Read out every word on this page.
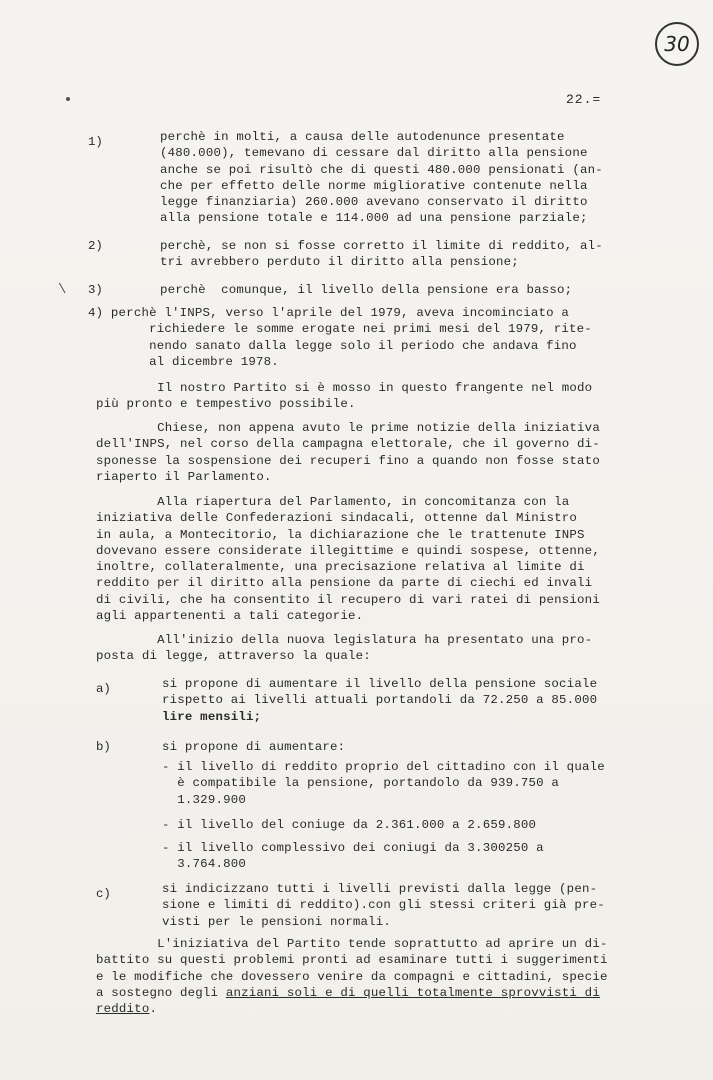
30
22.=
\
1)	perchè in molti, a causa delle autodenunce presentate
(480.000), temevano di cessare dal diritto alla pensione
anche se poi risultò che di questi 480.000 pensionati (an-
che per effetto delle norme migliorative contenute nella
legge finanziaria) 260.000 avevano conservato il diritto
alla pensione totale e 114.000 ad una pensione parziale;
2)	perchè, se non si fosse corretto il limite di reddito, al-
tri avrebbero perduto il diritto alla pensione;
3)	perchè  comunque, il livello della pensione era basso;
4) perchè l'INPS, verso l'aprile del 1979, aveva incominciato a
richiedere le somme erogate nei primi mesi del 1979, rite-
nendo sanato dalla legge solo il periodo che andava fino
al dicembre 1978.
Il nostro Partito si è mosso in questo frangente nel modo
più pronto e tempestivo possibile.
Chiese, non appena avuto le prime notizie della iniziativa
dell'INPS, nel corso della campagna elettorale, che il governo di-
sponesse la sospensione dei recuperi fino a quando non fosse stato
riaperto il Parlamento.
Alla riapertura del Parlamento, in concomitanza con la
iniziativa delle Confederazioni sindacali, ottenne dal Ministro
in aula, a Montecitorio, la dichiarazione che le trattenute INPS
dovevano essere considerate illegittime e quindi sospese, ottenne,
inoltre, collateralmente, una precisazione relativa al limite di
reddito per il diritto alla pensione da parte di ciechi ed invali
di civili, che ha consentito il recupero di vari ratei di pensioni
agli appartenenti a tali categorie.
All'inizio della nuova legislatura ha presentato una pro-
posta di legge, attraverso la quale:
a)	si propone di aumentare il livello della pensione sociale
rispetto ai livelli attuali portandoli da 72.250 a 85.000
lire mensili;
b)	si propone di aumentare:
- il livello di reddito proprio del cittadino con il quale
è compatibile la pensione, portandolo da 939.750 a
1.329.900
- il livello del coniuge da 2.361.000 a 2.659.800
- il livello complessivo dei coniugi da 3.300250 a
3.764.800
c)	si indicizzano tutti i livelli previsti dalla legge (pen-
sione e limiti di reddito).con gli stessi criteri già pre-
visti per le pensioni normali.
L'iniziativa del Partito tende soprattutto ad aprire un di-
battito su questi problemi pronti ad esaminare tutti i suggerimenti
e le modifiche che dovessero venire da compagni e cittadini, specie
a sostegno degli anziani soli e di quelli totalmente sprovvisti di
reddito.
